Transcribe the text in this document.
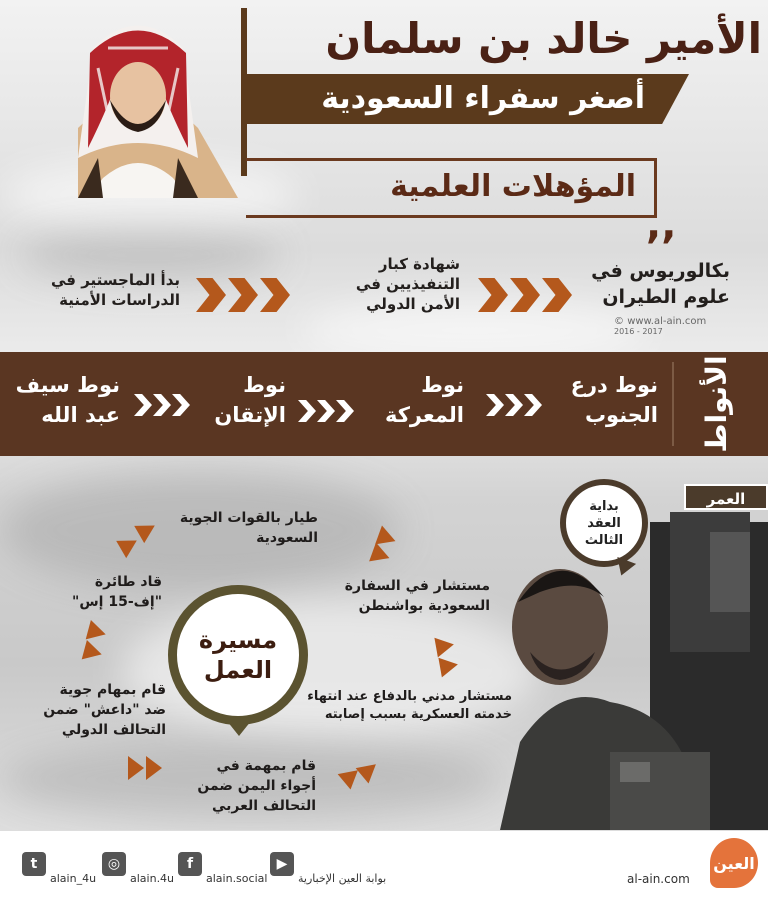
الأمير خالد بن سلمان
أصغر سفراء السعودية
المؤهلات العلمية
,,
بكالوريوس في علوم الطيران
شهادة كبار التنفيذيين في الأمن الدولي
بدأ الماجستير في الدراسات الأمنية
© www.al-ain.com
2016 - 2017
الأنواط
نوط درع الجنوب
نوط المعركة
نوط الإتقان
نوط سيف عبد الله
العمر
بداية
العقد
الثالث
مسيرة
العمل
طيار بالقوات الجوية السعودية
مستشار في السفارة السعودية بواشنطن
قاد طائرة "إف-15 إس"
قام بمهام جوية ضد "داعش" ضمن التحالف الدولي
مستشار مدني بالدفاع عند انتهاء خدمته العسكرية بسبب إصابته
قام بمهمة في أجواء اليمن ضمن التحالف العربي
t
alain_4u
◎
alain.4u
f
alain.social
▶
بوابة العين الإخبارية	al-ain.com
العين
